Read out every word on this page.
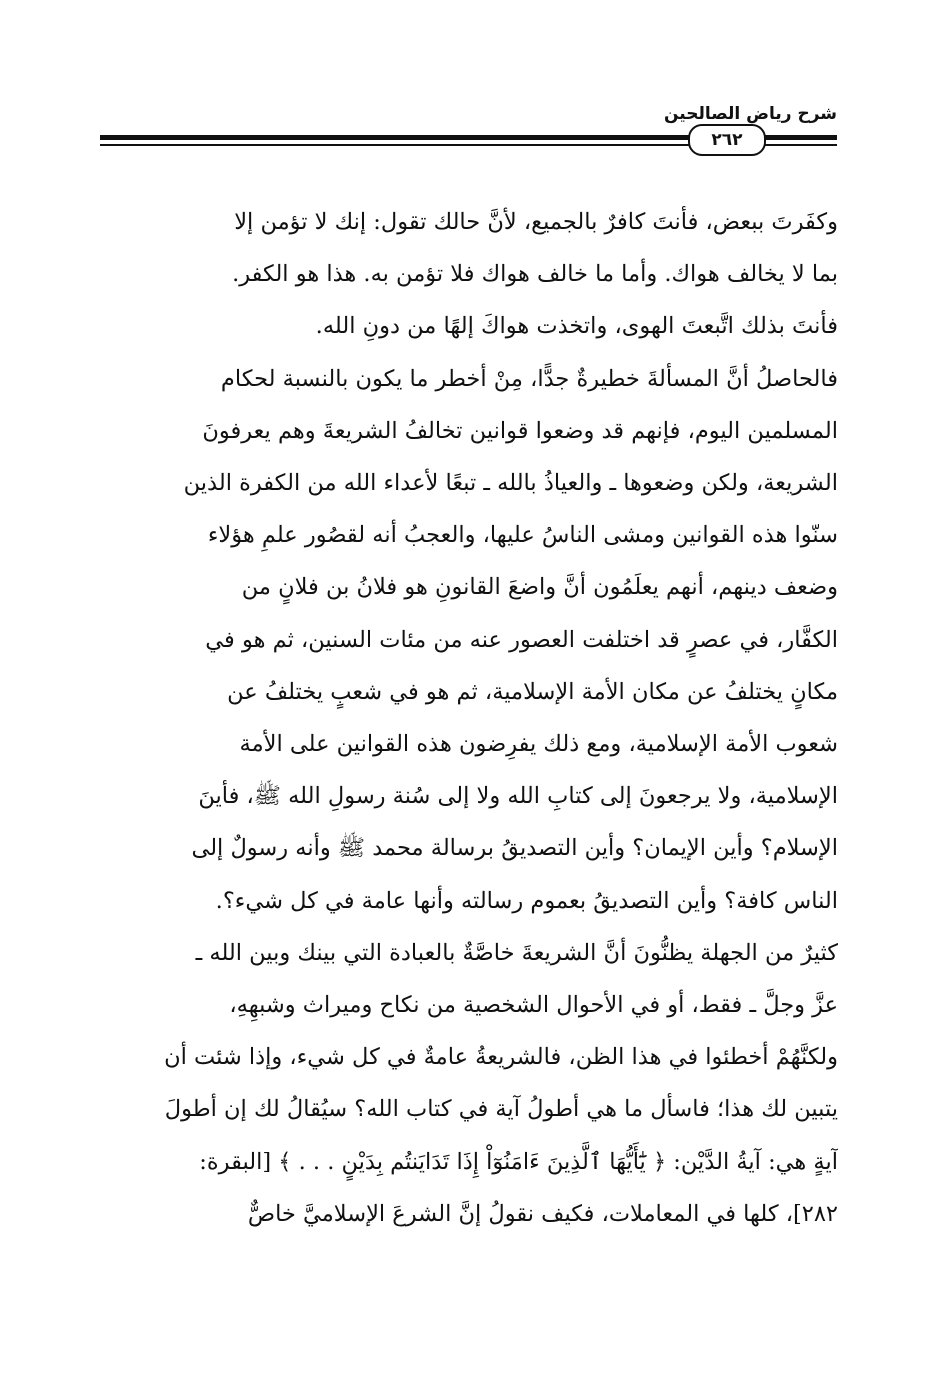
شرح رياض الصالحين
٢٦٢
وكفَرتَ ببعض، فأنتَ كافرٌ بالجميع، لأنَّ حالك تقول: إنك لا تؤمن إلا
بما لا يخالف هواك. وأما ما خالف هواك فلا تؤمن به. هذا هو الكفر.
فأنتَ بذلك اتَّبعتَ الهوى، واتخذت هواكَ إلهًا من دونِ الله.
فالحاصلُ أنَّ المسألةَ خطيرةٌ جدًّا، مِنْ أخطر ما يكون بالنسبة لحكام
المسلمين اليوم، فإنهم قد وضعوا قوانين تخالفُ الشريعةَ وهم يعرفونَ
الشريعة، ولكن وضعوها ـ والعياذُ بالله ـ تبعًا لأعداء الله من الكفرة الذين
سنّوا هذه القوانين ومشى الناسُ عليها، والعجبُ أنه لقصُور علمِ هؤلاء
وضعف دينهم، أنهم يعلَمُون أنَّ واضعَ القانونِ هو فلانُ بن فلانٍ من
الكفَّار، في عصرٍ قد اختلفت العصور عنه من مئات السنين، ثم هو في
مكانٍ يختلفُ عن مكان الأمة الإسلامية، ثم هو في شعبٍ يختلفُ عن
شعوب الأمة الإسلامية، ومع ذلك يفرِضون هذه القوانين على الأمة
الإسلامية، ولا يرجعونَ إلى كتابِ الله ولا إلى سُنة رسولِ الله ﷺ، فأينَ
الإسلام؟ وأين الإيمان؟ وأين التصديقُ برسالة محمد ﷺ وأنه رسولٌ إلى
الناس كافة؟ وأين التصديقُ بعموم رسالته وأنها عامة في كل شيء؟.
كثيرٌ من الجهلة يظنُّونَ أنَّ الشريعةَ خاصَّةٌ بالعبادة التي بينك وبين الله ـ
عزَّ وجلَّ ـ فقط، أو في الأحوال الشخصية من نكاح وميراث وشبهِهِ،
ولكنَّهُمْ أخطئوا في هذا الظن، فالشريعةُ عامةٌ في كل شيء، وإذا شئت أن
يتبين لك هذا؛ فاسأل ما هي أطولُ آية في كتاب الله؟ سيُقالُ لك إن أطولَ
آيةٍ هي: آيةُ الدَّيْن: ﴿ يَٰٓأَيُّهَا ٱلَّذِينَ ءَامَنُوٓاْ إِذَا تَدَايَنتُم بِدَيْنٍ . . . ﴾ [البقرة:
٢٨٢]، كلها في المعاملات، فكيف نقولُ إنَّ الشرعَ الإسلاميَّ خاصٌّ
